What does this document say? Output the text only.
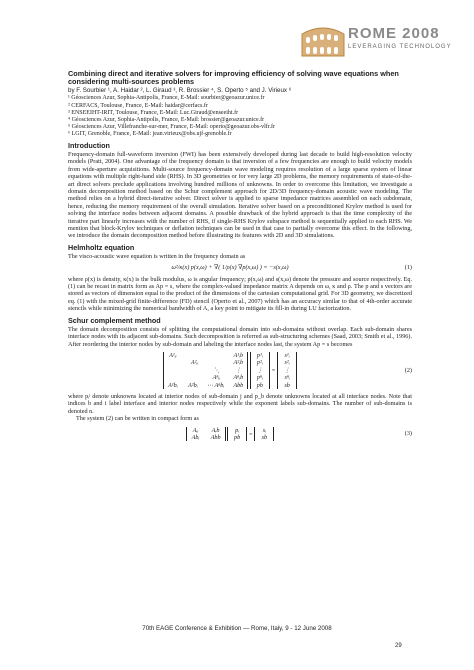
ROME 2008
LEVERAGING TECHNOLOGY
Combining direct and iterative solvers for improving efficiency of solving wave equations when considering multi-sources problems
by F. Sourbier ¹, A. Haidar ², L. Giraud ³, R. Brossier ⁴, S. Operto ⁵ and J. Virieux ⁶
¹ Géosciences Azur, Sophia-Antipolis, France, E-Mail: sourbier@geoazur.unice.fr
² CERFACS, Toulouse, France, E-Mail: haidar@cerfacs.fr
³ ENSEEIHT-IRIT, Toulouse, France, E-Mail: Luc.Giraud@enseeiht.fr
⁴ Géosciences Azur, Sophia-Antipolis, France, E-Mail: brossier@geoazur.unice.fr
⁵ Géosciences Azur, Villefranche-sur-mer, France, E-Mail: operto@geoazur.obs-vlfr.fr
⁶ LGIT, Grenoble, France, E-Mail: jean.virieux@obs.ujf-grenoble.fr
Introduction

Frequency-domain full-waveform inversion (FWI) has been extensively developed during last decade to build high-resolution velocity models (Pratt, 2004). One advantage of the frequency domain is that inversion of a few frequencies are enough to build velocity models from wide-aperture acquisitions. Multi-source frequency-domain wave modeling requires resolution of a large sparse system of linear equations with multiple right-hand side (RHS). In 3D geometries or for very large 2D problems, the memory requirements of state-of-the-art direct solvers preclude applications involving hundred millions of unknowns. In order to overcome this limitation, we investigate a domain decomposition method based on the Schur complement approach for 2D/3D frequency-domain acoustic wave modeling. The method relies on a hybrid direct-iterative solver. Direct solver is applied to sparse impedance matrices assembled on each subdomain, hence, reducing the memory requirement of the overall simulation. Iterative solver based on a preconditioned Krylov method is used for solving the interface nodes between adjacent domains. A possible drawback of the hybrid approach is that the time complexity of the iterative part linearly increases with the number of RHS, if single-RHS Krylov subspace method is sequentially applied to each RHS. We mention that block-Krylov techniques or deflation techniques can be used in that case to partially overcome this effect. In the following, we introduce the domain decomposition method before illustrating its features with 2D and 3D simulations.

Helmholtz equation

The visco-acoustic wave equation is written in the frequency domain as

ω²/κ(x) p(x,ω) + ∇( 1/ρ(x) ∇p(x,ω) ) = −s(x,ω)	(1)

where ρ(x) is density, κ(x) is the bulk modulus, ω is angular frequency; p(x,ω) and s(x,ω) denote the pressure and source respectively. Eq. (1) can be recast in matrix form as Ap = s, where the complex-valued impedance matrix A depends on ω, κ and ρ. The p and s vectors are stored as vectors of dimension equal to the product of the dimensions of the cartesian computational grid. For 3D geometry, we discretized eq. (1) with the mixed-grid finite-difference (FD) stencil (Operto et al., 2007) which has an accuracy similar to that of 4th-order accurate stencils while minimizing the numerical bandwidth of A, a key point to mitigate its fill-in during LU factorization.

Schur complement method

The domain decomposition consists of splitting the computational domain into sub-domains without overlap. Each sub-domain shares interface nodes with its adjacent sub-domains. Such decomposition is referred as sub-structuring schemes (Saad, 2003; Smith et al., 1996). After reordering the interior nodes by sub-domain and labeling the interface nodes last, the system Ap = s becomes

A¹ᵢᵢ	A¹ᵢb
A²ᵢᵢ	A²ᵢb
⋱	⋮
Aⁿᵢᵢ	Aⁿᵢb
A¹bᵢ A²bᵢ ⋯ Aⁿbᵢ Abb

p¹ᵢ
p²ᵢ
⋮
pⁿᵢ
pb
=
s¹ᵢ
s²ᵢ
⋮
sⁿᵢ
sb
(2)

where pᵢʲ denote unknowns located at interior nodes of sub-domain j and p_b denote unknowns located at all interface nodes. Note that indices b and i label interface and interior nodes respectively while the exponent labels sub-domains. The number of sub-domains is denoted n.

The system (2) can be written in compact form as

Aᵢᵢ	Aᵢb
Abᵢ	Abb

pᵢ
pb
=
sᵢ
sb
(3)
70th EAGE Conference & Exhibition — Rome, Italy, 9 - 12 June 2008
29
